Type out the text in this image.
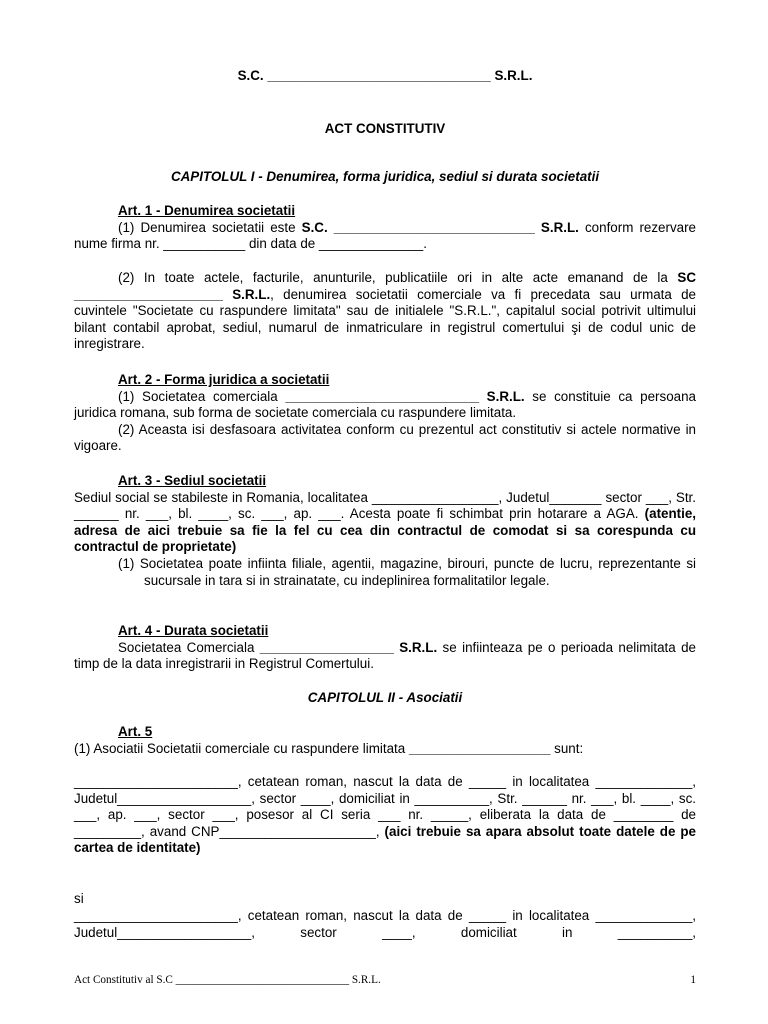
S.C. ______________________________ S.R.L.
ACT CONSTITUTIV
CAPITOLUL I - Denumirea, forma juridica, sediul si durata societatii

Art. 1 - Denumirea societatii

(1) Denumirea societatii este S.C. ___________________________ S.R.L. conform rezervare nume firma nr. ___________ din data de ______________.

(2) In toate actele, facturile, anunturile, publicatiile ori in alte acte emanand de la SC ____________________ S.R.L., denumirea societatii comerciale va fi precedata sau urmata de cuvintele "Societate cu raspundere limitata" sau de initialele "S.R.L.", capitalul social potrivit ultimului bilant contabil aprobat, sediul, numarul de inmatriculare in registrul comertului şi de codul unic de inregistrare.

Art. 2 - Forma juridica a societatii

(1) Societatea comerciala __________________________ S.R.L. se constituie ca persoana juridica romana, sub forma de societate comerciala cu raspundere limitata.

(2) Aceasta isi desfasoara activitatea conform cu prezentul act constitutiv si actele normative in vigoare.

Art. 3 - Sediul societatii

Sediul social se stabileste in Romania, localitatea _________________, Judetul_______ sector ___, Str. ______ nr. ___, bl. ____, sc. ___, ap. ___. Acesta poate fi schimbat prin hotarare a AGA. (atentie, adresa de aici trebuie sa fie la fel cu cea din contractul de comodat si sa corespunda cu contractul de proprietate)

(1) Societatea poate infiinta filiale, agentii, magazine, birouri, puncte de lucru, reprezentante si sucursale in tara si in strainatate, cu indeplinirea formalitatilor legale.

Art. 4 - Durata societatii

Societatea Comerciala __________________ S.R.L. se infiinteaza pe o perioada nelimitata de timp de la data inregistrarii in Registrul Comertului.

CAPITOLUL II - Asociatii

Art. 5

(1) Asociatii Societatii comerciale cu raspundere limitata ___________________ sunt:

______________________, cetatean roman, nascut la data de _____ in localitatea _____________, Judetul__________________, sector ____, domiciliat in __________, Str. ______ nr. ___, bl. ____, sc. ___, ap. ___, sector ___, posesor al CI seria ___ nr. _____, eliberata la data de ________ de _________, avand CNP_____________________, (aici trebuie sa apara absolut toate datele de pe cartea de identitate)

si

______________________, cetatean roman, nascut la data de _____ in localitatea _____________, Judetul__________________, sector ____, domiciliat in __________,

Act Constitutiv al S.C _______________________________ S.R.L.	1
